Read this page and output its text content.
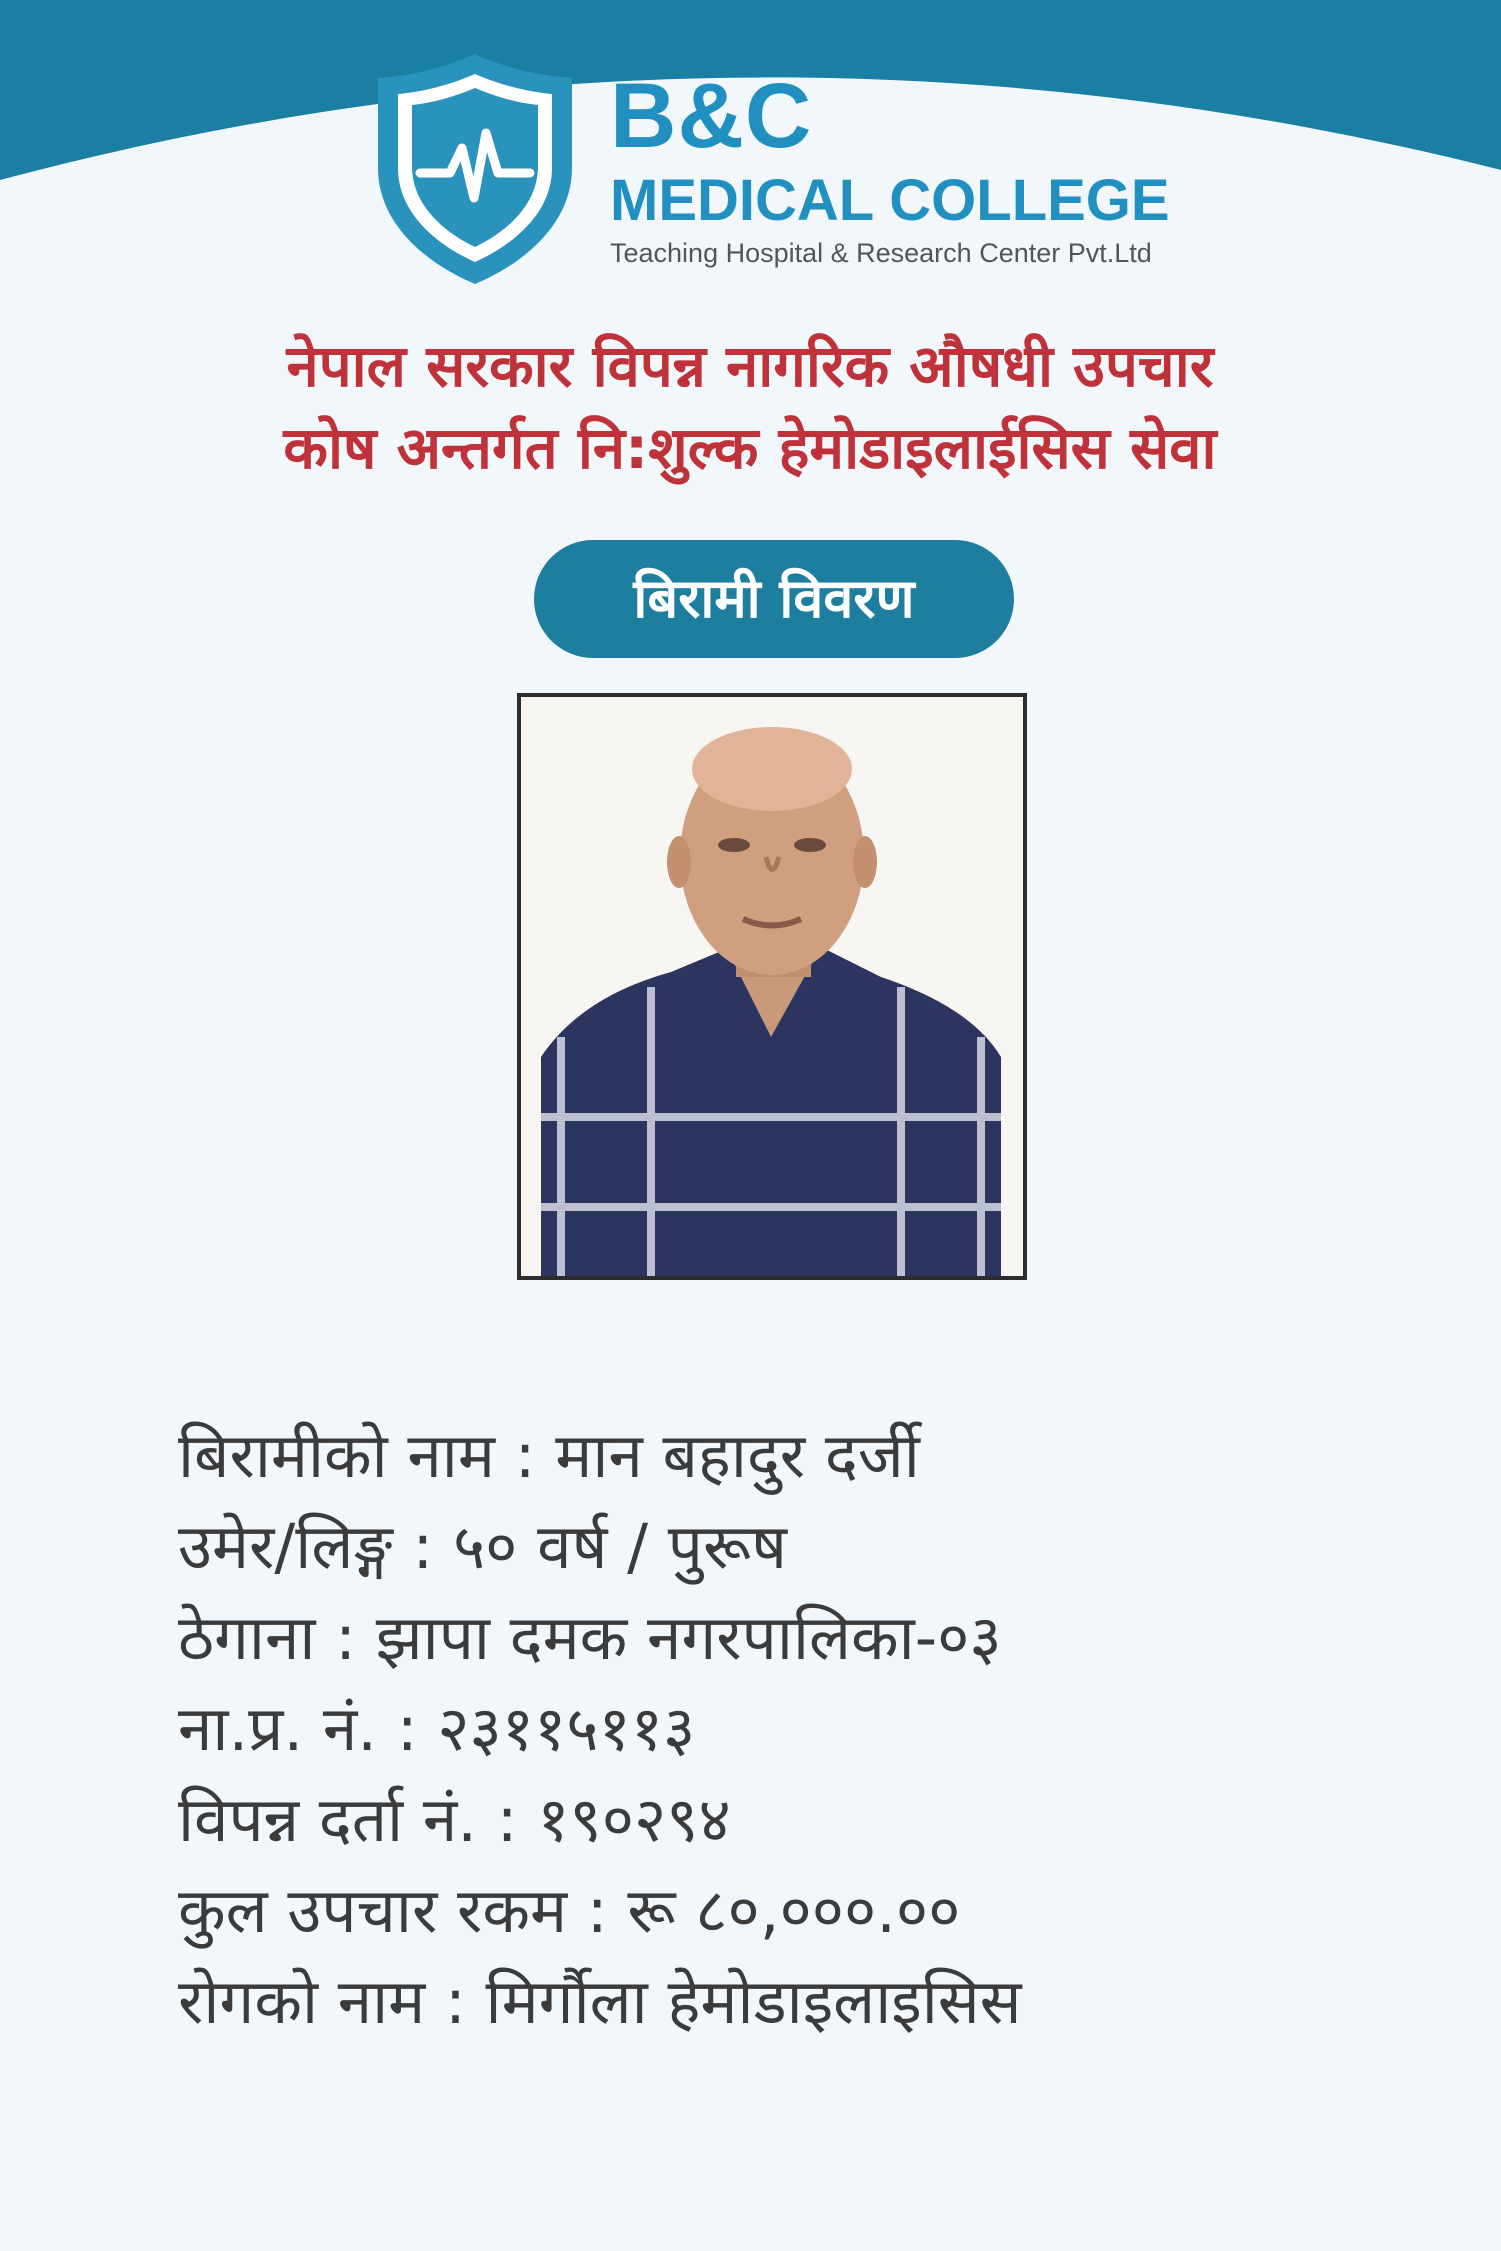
B&C
MEDICAL COLLEGE
Teaching Hospital & Research Center Pvt.Ltd
नेपाल सरकार विपन्न नागरिक औषधी उपचार
कोष अन्तर्गत नि:शुल्क हेमोडाइलाईसिस सेवा
बिरामी विवरण
बिरामीको नाम : मान बहादुर दर्जी
उमेर/लिङ्ग : ५० वर्ष / पुरूष
ठेगाना : झापा दमक नगरपालिका-०३
ना.प्र. नं. : २३११५११३
विपन्न दर्ता नं. : १९०२९४
कुल उपचार रकम : रू ८०,०००.००
रोगको नाम : मिर्गौला हेमोडाइलाइसिस
